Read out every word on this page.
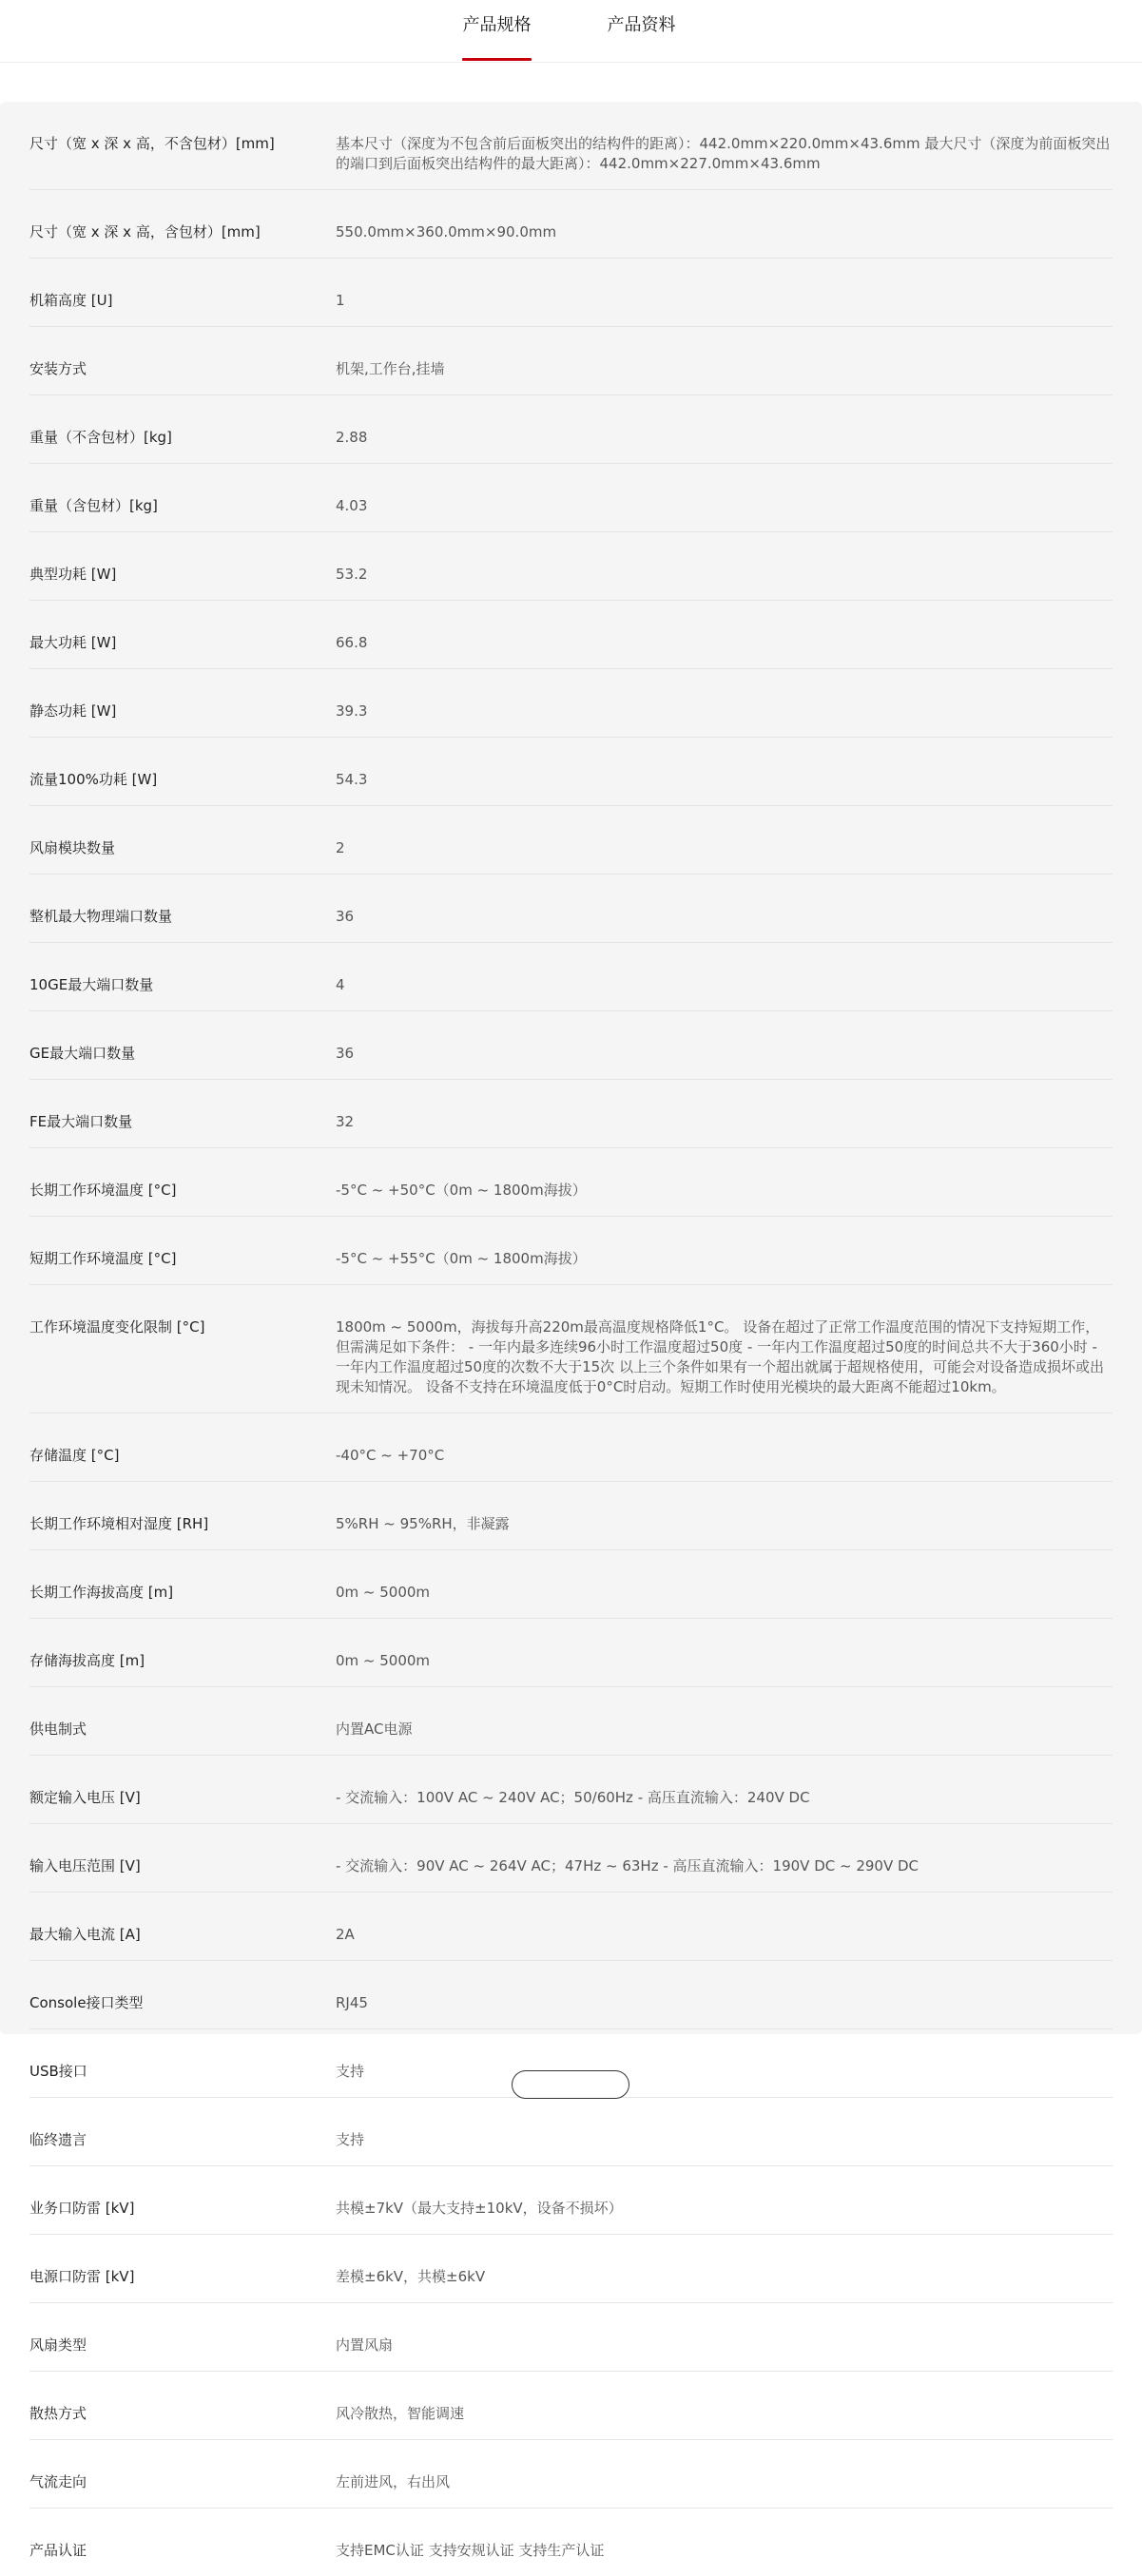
产品规格	产品资料
尺寸（宽 x 深 x 高，不含包材）[mm]	基本尺寸（深度为不包含前后面板突出的结构件的距离）：442.0mm×220.0mm×43.6mm 最大尺寸（深度为前面板突出的端口到后面板突出结构件的最大距离）：442.0mm×227.0mm×43.6mm
尺寸（宽 x 深 x 高，含包材）[mm]	550.0mm×360.0mm×90.0mm
机箱高度 [U]	1
安装方式	机架,工作台,挂墙
重量（不含包材）[kg]	2.88
重量（含包材）[kg]	4.03
典型功耗 [W]	53.2
最大功耗 [W]	66.8
静态功耗 [W]	39.3
流量100%功耗 [W]	54.3
风扇模块数量	2
整机最大物理端口数量	36
10GE最大端口数量	4
GE最大端口数量	36
FE最大端口数量	32
长期工作环境温度 [°C]	-5°C ~ +50°C（0m ~ 1800m海拔）
短期工作环境温度 [°C]	-5°C ~ +55°C（0m ~ 1800m海拔）
工作环境温度变化限制 [°C]	1800m ~ 5000m，海拔每升高220m最高温度规格降低1°C。 设备在超过了正常工作温度范围的情况下支持短期工作，但需满足如下条件： - 一年内最多连续96小时工作温度超过50度 - 一年内工作温度超过50度的时间总共不大于360小时 - 一年内工作温度超过50度的次数不大于15次 以上三个条件如果有一个超出就属于超规格使用，可能会对设备造成损坏或出现未知情况。 设备不支持在环境温度低于0°C时启动。短期工作时使用光模块的最大距离不能超过10km。
存储温度 [°C]	-40°C ~ +70°C
长期工作环境相对湿度 [RH]	5%RH ~ 95%RH，非凝露
长期工作海拔高度 [m]	0m ~ 5000m
存储海拔高度 [m]	0m ~ 5000m
供电制式	内置AC电源
额定输入电压 [V]	- 交流输入：100V AC ~ 240V AC；50/60Hz - 高压直流输入：240V DC
输入电压范围 [V]	- 交流输入：90V AC ~ 264V AC；47Hz ~ 63Hz - 高压直流输入：190V DC ~ 290V DC
最大输入电流 [A]	2A
Console接口类型	RJ45
USB接口	支持
临终遗言	支持
业务口防雷 [kV]	共模±7kV（最大支持±10kV，设备不损坏）
电源口防雷 [kV]	差模±6kV，共模±6kV
风扇类型	内置风扇
散热方式	风冷散热，智能调速
气流走向	左前进风，右出风
产品认证	支持EMC认证 支持安规认证 支持生产认证
